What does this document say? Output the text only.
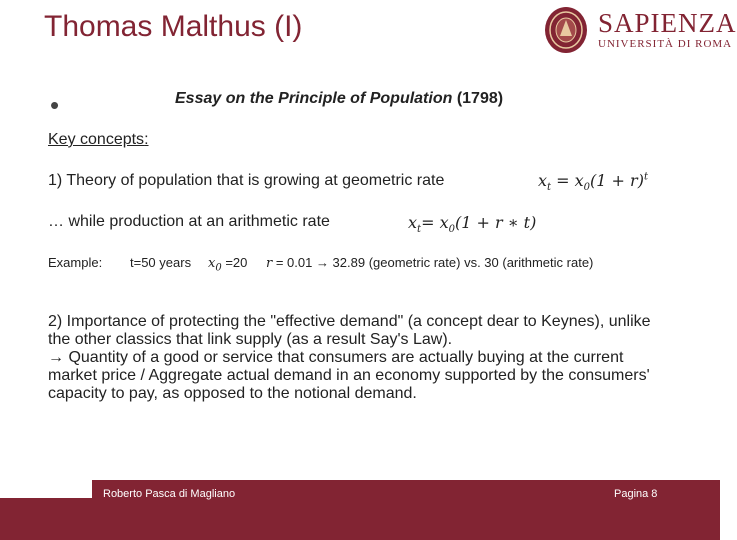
Thomas Malthus (I)	SAPIENZA
UNIVERSITÀ DI ROMA
•	Essay on the Principle of Population (1798)
Key concepts:
1) Theory of population that is growing at geometric rate	$x_t = x_0(1 + r)^t$
… while production at an arithmetic rate	$x_t= x_0(1 + r$ ∗ t)
Example: t=50 years $x_0 =20$ r = 0.01 → 32.89 (geometric rate) vs. 30 (arithmetic rate)

2) Importance of protecting the "effective demand" (a concept dear to Keynes), unlike the other classics that link supply (as a result Say's Law).

→ Quantity of a good or service that consumers are actually buying at the current market price / Aggregate actual demand in an economy supported by the consumers' capacity to pay, as opposed to the notional demand.

Roberto Pasca di Magliano	Pagina 8
